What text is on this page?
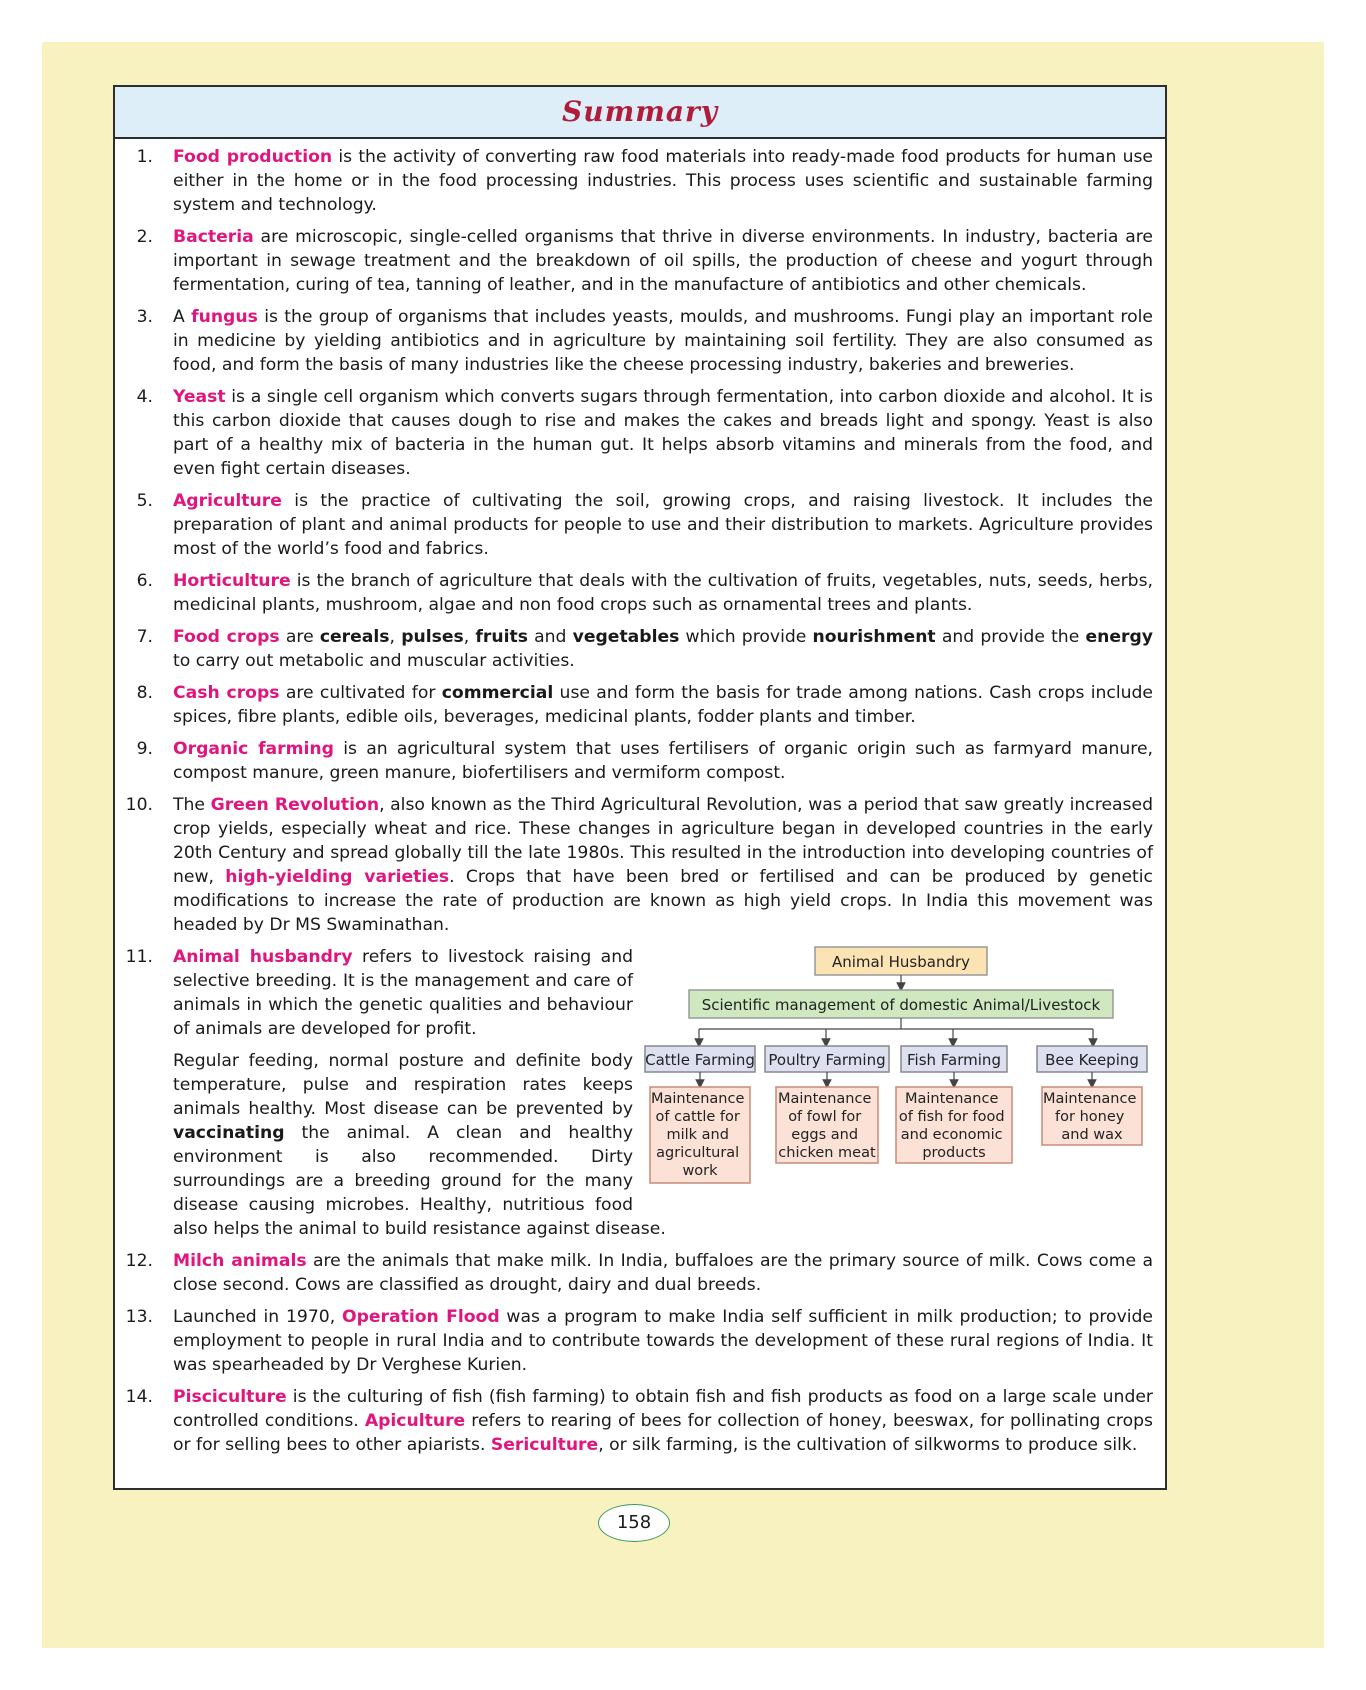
Summary
1. Food production is the activity of converting raw food materials into ready-made food products for human use either in the home or in the food processing industries. This process uses scientific and sustainable farming system and technology.
2. Bacteria are microscopic, single-celled organisms that thrive in diverse environments. In industry, bacteria are important in sewage treatment and the breakdown of oil spills, the production of cheese and yogurt through fermentation, curing of tea, tanning of leather, and in the manufacture of antibiotics and other chemicals.
3. A fungus is the group of organisms that includes yeasts, moulds, and mushrooms. Fungi play an important role in medicine by yielding antibiotics and in agriculture by maintaining soil fertility. They are also consumed as food, and form the basis of many industries like the cheese processing industry, bakeries and breweries.
4. Yeast is a single cell organism which converts sugars through fermentation, into carbon dioxide and alcohol. It is this carbon dioxide that causes dough to rise and makes the cakes and breads light and spongy. Yeast is also part of a healthy mix of bacteria in the human gut. It helps absorb vitamins and minerals from the food, and even fight certain diseases.
5. Agriculture is the practice of cultivating the soil, growing crops, and raising livestock. It includes the preparation of plant and animal products for people to use and their distribution to markets. Agriculture provides most of the world’s food and fabrics.
6. Horticulture is the branch of agriculture that deals with the cultivation of fruits, vegetables, nuts, seeds, herbs, medicinal plants, mushroom, algae and non food crops such as ornamental trees and plants.
7. Food crops are cereals, pulses, fruits and vegetables which provide nourishment and provide the energy to carry out metabolic and muscular activities.
8. Cash crops are cultivated for commercial use and form the basis for trade among nations. Cash crops include spices, fibre plants, edible oils, beverages, medicinal plants, fodder plants and timber.
9. Organic farming is an agricultural system that uses fertilisers of organic origin such as farmyard manure, compost manure, green manure, biofertilisers and vermiform compost.
10. The Green Revolution, also known as the Third Agricultural Revolution, was a period that saw greatly increased crop yields, especially wheat and rice. These changes in agriculture began in developed countries in the early 20th Century and spread globally till the late 1980s. This resulted in the introduction into developing countries of new, high-yielding varieties. Crops that have been bred or fertilised and can be produced by genetic modifications to increase the rate of production are known as high yield crops. In India this movement was headed by Dr MS Swaminathan.
11.	Animal Husbandry
Scientific management of domestic Animal/Livestock
Cattle Farming Poultry Farming Fish Farming	Bee Keeping
Maintenance of cattle for milk and agricultural work
Maintenance of fowl for eggs and chicken meat
Maintenance of fish for food and economic products
Maintenance for honey and wax

Animal husbandry refers to livestock raising and selective breeding. It is the management and care of animals in which the genetic qualities and behaviour of animals are developed for profit.

Regular feeding, normal posture and definite body temperature, pulse and respiration rates keeps animals healthy. Most disease can be prevented by vaccinating the animal. A clean and healthy environment is also recommended. Dirty surroundings are a breeding ground for the many disease causing microbes. Healthy, nutritious food also helps the animal to build resistance against disease.

12. Milch animals are the animals that make milk. In India, buffaloes are the primary source of milk. Cows come a close second. Cows are classified as drought, dairy and dual breeds.
13. Launched in 1970, Operation Flood was a program to make India self sufficient in milk production; to provide employment to people in rural India and to contribute towards the development of these rural regions of India. It was spearheaded by Dr Verghese Kurien.
14. Pisciculture is the culturing of fish (fish farming) to obtain fish and fish products as food on a large scale under controlled conditions. Apiculture refers to rearing of bees for collection of honey, beeswax, for pollinating crops or for selling bees to other apiarists. Sericulture, or silk farming, is the cultivation of silkworms to produce silk.
158
